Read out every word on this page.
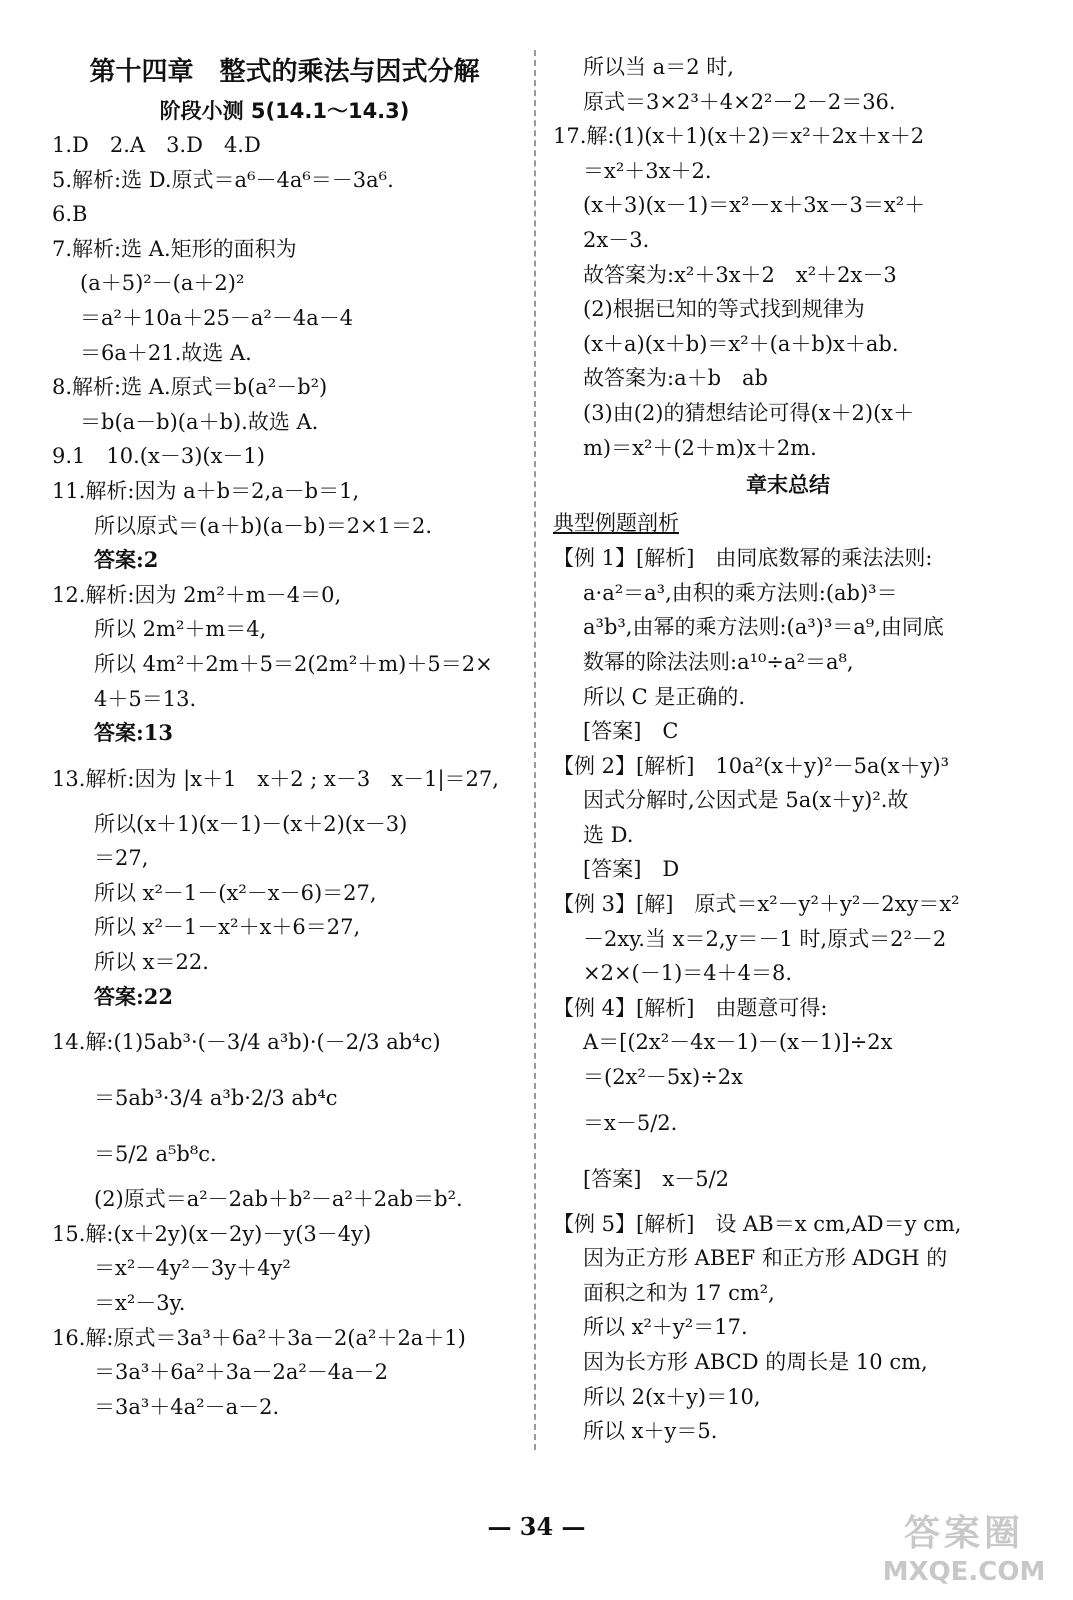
第十四章　整式的乘法与因式分解
阶段小测 5(14.1～14.3)
1.D　2.A　3.D　4.D
5.解析:选 D.原式＝a⁶－4a⁶＝－3a⁶.
6.B
7.解析:选 A.矩形的面积为
(a＋5)²－(a＋2)²
＝a²＋10a＋25－a²－4a－4
＝6a＋21.故选 A.
8.解析:选 A.原式＝b(a²－b²)
＝b(a－b)(a＋b).故选 A.
9.1　10.(x－3)(x－1)
11.解析:因为 a＋b＝2,a－b＝1,
所以原式＝(a＋b)(a－b)＝2×1＝2.
答案:2
12.解析:因为 2m²＋m－4＝0,
所以 2m²＋m＝4,
所以 4m²＋2m＋5＝2(2m²＋m)＋5＝2×
4＋5＝13.
答案:13
13.解析:因为 |x＋1　x＋2 ; x－3　x－1|＝27,
所以(x＋1)(x－1)－(x＋2)(x－3)
＝27,
所以 x²－1－(x²－x－6)＝27,
所以 x²－1－x²＋x＋6＝27,
所以 x＝22.
答案:22
14.解:(1)5ab³·(－3/4 a³b)·(－2/3 ab⁴c)
＝5ab³·3/4 a³b·2/3 ab⁴c
＝5/2 a⁵b⁸c.
(2)原式＝a²－2ab＋b²－a²＋2ab＝b².
15.解:(x＋2y)(x－2y)－y(3－4y)
＝x²－4y²－3y＋4y²
＝x²－3y.
16.解:原式＝3a³＋6a²＋3a－2(a²＋2a＋1)
＝3a³＋6a²＋3a－2a²－4a－2
＝3a³＋4a²－a－2.
所以当 a＝2 时,
原式＝3×2³＋4×2²－2－2＝36.
17.解:(1)(x＋1)(x＋2)＝x²＋2x＋x＋2
＝x²＋3x＋2.
(x＋3)(x－1)＝x²－x＋3x－3＝x²＋
2x－3.
故答案为:x²＋3x＋2　x²＋2x－3
(2)根据已知的等式找到规律为
(x＋a)(x＋b)＝x²＋(a＋b)x＋ab.
故答案为:a＋b　ab
(3)由(2)的猜想结论可得(x＋2)(x＋
m)＝x²＋(2＋m)x＋2m.
章末总结
典型例题剖析
【例 1】[解析]　由同底数幂的乘法法则:
a·a²＝a³,由积的乘方法则:(ab)³＝
a³b³,由幂的乘方法则:(a³)³＝a⁹,由同底
数幂的除法法则:a¹⁰÷a²＝a⁸,
所以 C 是正确的.
[答案]　C
【例 2】[解析]　10a²(x＋y)²－5a(x＋y)³
因式分解时,公因式是 5a(x＋y)².故
选 D.
[答案]　D
【例 3】[解]　原式＝x²－y²＋y²－2xy＝x²
－2xy.当 x＝2,y＝－1 时,原式＝2²－2
×2×(－1)＝4＋4＝8.
【例 4】[解析]　由题意可得:
A＝[(2x²－4x－1)－(x－1)]÷2x
＝(2x²－5x)÷2x
＝x－5/2.
[答案]　x－5/2
【例 5】[解析]　设 AB＝x cm,AD＝y cm,
因为正方形 ABEF 和正方形 ADGH 的
面积之和为 17 cm²,
所以 x²＋y²＝17.
因为长方形 ABCD 的周长是 10 cm,
所以 2(x＋y)＝10,
所以 x＋y＝5.
— 34 —	答案圈
MXQE.COM
